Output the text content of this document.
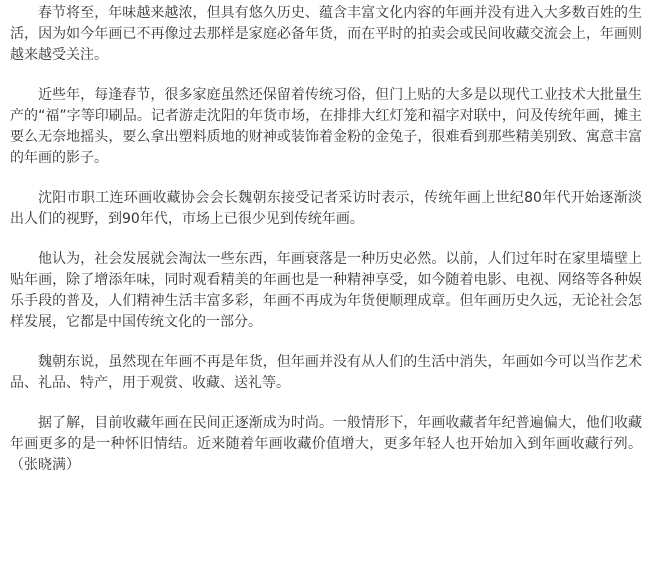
春节将至，年味越来越浓，但具有悠久历史、蕴含丰富文化内容的年画并没有进入大多数百姓的生活，因为如今年画已不再像过去那样是家庭必备年货，而在平时的拍卖会或民间收藏交流会上，年画则越来越受关注。

近些年，每逢春节，很多家庭虽然还保留着传统习俗，但门上贴的大多是以现代工业技术大批量生产的“福”字等印刷品。记者游走沈阳的年货市场，在排排大红灯笼和福字对联中，问及传统年画，摊主要么无奈地摇头，要么拿出塑料质地的财神或装饰着金粉的金兔子，很难看到那些精美别致、寓意丰富的年画的影子。

沈阳市职工连环画收藏协会会长魏朝东接受记者采访时表示，传统年画上世纪80年代开始逐渐淡出人们的视野，到90年代，市场上已很少见到传统年画。

他认为，社会发展就会淘汰一些东西，年画衰落是一种历史必然。以前，人们过年时在家里墙壁上贴年画，除了增添年味，同时观看精美的年画也是一种精神享受，如今随着电影、电视、网络等各种娱乐手段的普及，人们精神生活丰富多彩，年画不再成为年货便顺理成章。但年画历史久远，无论社会怎样发展，它都是中国传统文化的一部分。

魏朝东说，虽然现在年画不再是年货，但年画并没有从人们的生活中消失，年画如今可以当作艺术品、礼品、特产，用于观赏、收藏、送礼等。

据了解，目前收藏年画在民间正逐渐成为时尚。一般情形下，年画收藏者年纪普遍偏大，他们收藏年画更多的是一种怀旧情结。近来随着年画收藏价值增大，更多年轻人也开始加入到年画收藏行列。（张晓满）
